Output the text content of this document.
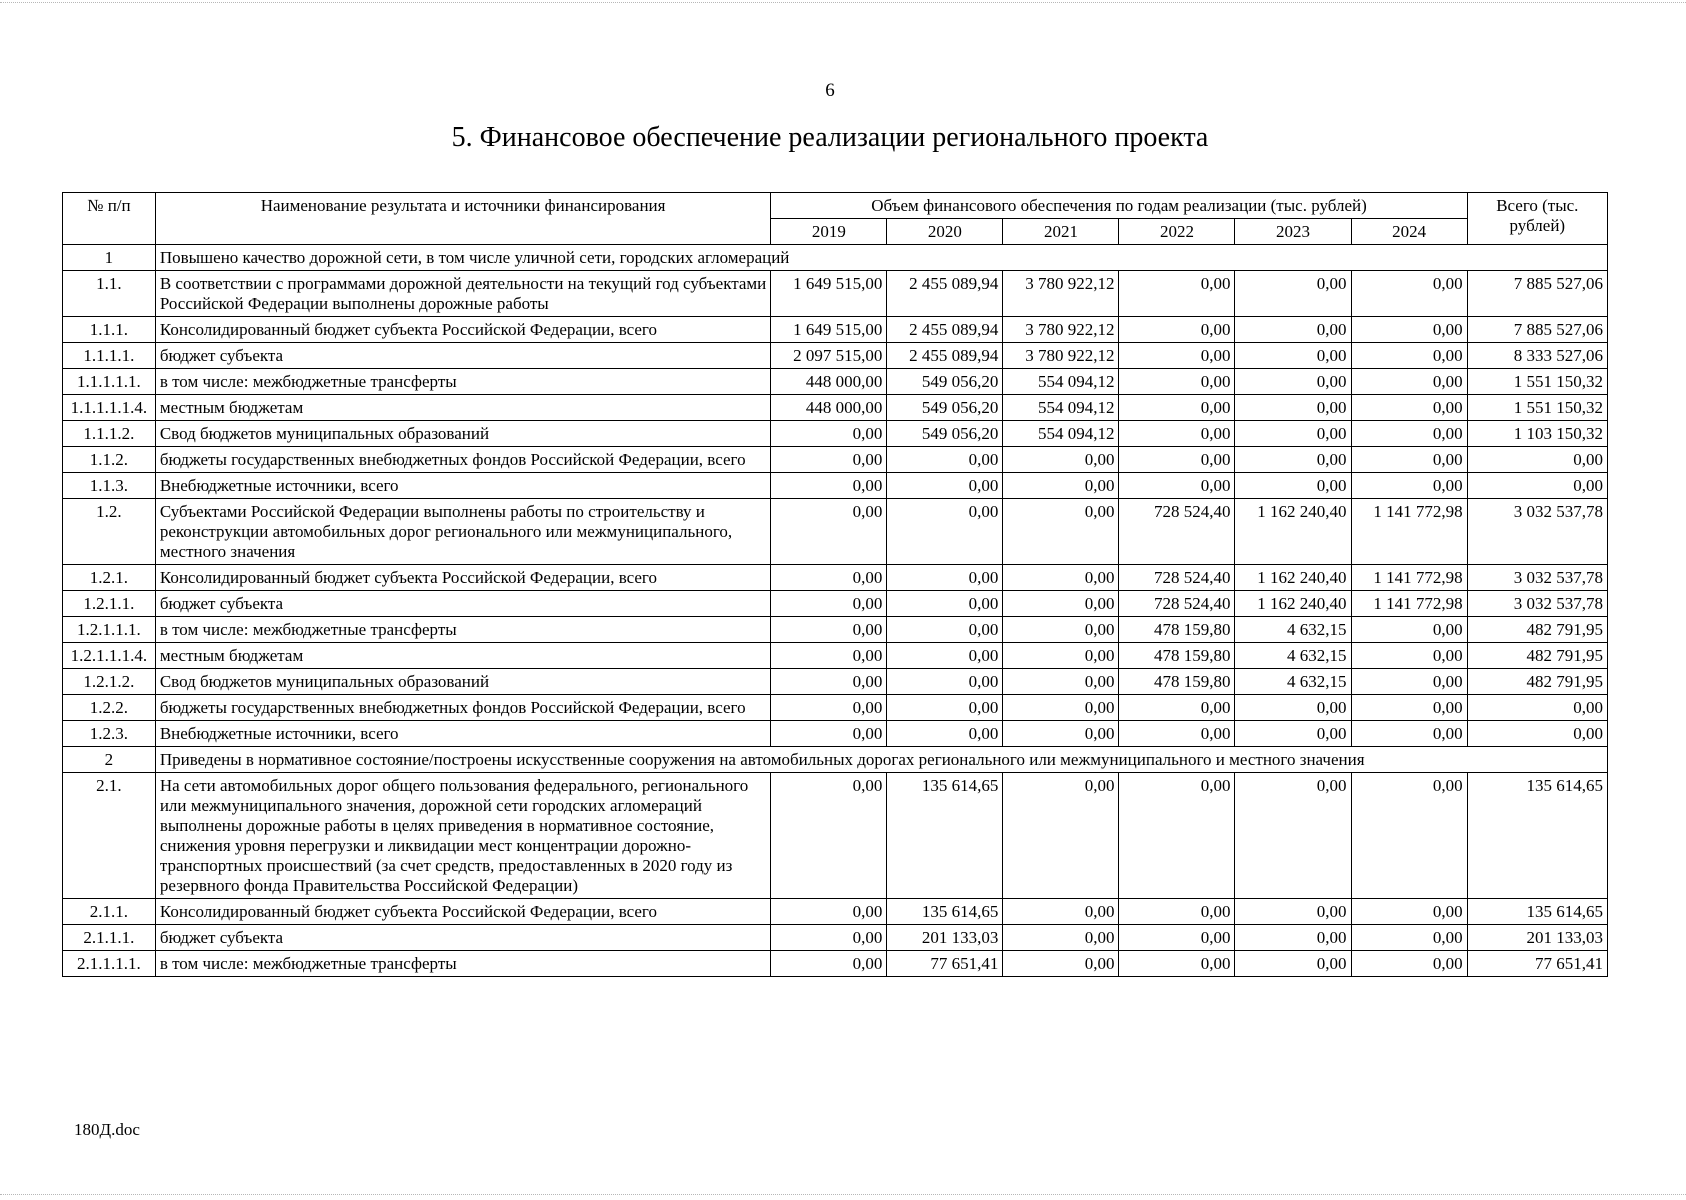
6
5. Финансовое обеспечение реализации регионального проекта
№ п/п	Наименование результата и источники финансирования	Объем финансового обеспечения по годам реализации (тыс. рублей)						Всего (тыс. рублей)
		2019	2020	2021	2022	2023	2024	
1	Повышено качество дорожной сети, в том числе уличной сети, городских агломераций							
1.1.	В соответствии с программами дорожной деятельности на текущий год субъектами Российской Федерации выполнены дорожные работы	1 649 515,00	2 455 089,94	3 780 922,12	0,00	0,00	0,00	7 885 527,06
1.1.1.	Консолидированный бюджет субъекта Российской Федерации, всего	1 649 515,00	2 455 089,94	3 780 922,12	0,00	0,00	0,00	7 885 527,06
1.1.1.1.	бюджет субъекта	2 097 515,00	2 455 089,94	3 780 922,12	0,00	0,00	0,00	8 333 527,06
1.1.1.1.1.	в том числе: межбюджетные трансферты	448 000,00	549 056,20	554 094,12	0,00	0,00	0,00	1 551 150,32
1.1.1.1.1.4.	местным бюджетам	448 000,00	549 056,20	554 094,12	0,00	0,00	0,00	1 551 150,32
1.1.1.2.	Свод бюджетов муниципальных образований	0,00	549 056,20	554 094,12	0,00	0,00	0,00	1 103 150,32
1.1.2.	бюджеты государственных внебюджетных фондов Российской Федерации, всего	0,00	0,00	0,00	0,00	0,00	0,00	0,00
1.1.3.	Внебюджетные источники, всего	0,00	0,00	0,00	0,00	0,00	0,00	0,00
1.2.	Субъектами Российской Федерации выполнены работы по строительству и реконструкции автомобильных дорог регионального или межмуниципального, местного значения	0,00	0,00	0,00	728 524,40	1 162 240,40	1 141 772,98	3 032 537,78
1.2.1.	Консолидированный бюджет субъекта Российской Федерации, всего	0,00	0,00	0,00	728 524,40	1 162 240,40	1 141 772,98	3 032 537,78
1.2.1.1.	бюджет субъекта	0,00	0,00	0,00	728 524,40	1 162 240,40	1 141 772,98	3 032 537,78
1.2.1.1.1.	в том числе: межбюджетные трансферты	0,00	0,00	0,00	478 159,80	4 632,15	0,00	482 791,95
1.2.1.1.1.4.	местным бюджетам	0,00	0,00	0,00	478 159,80	4 632,15	0,00	482 791,95
1.2.1.2.	Свод бюджетов муниципальных образований	0,00	0,00	0,00	478 159,80	4 632,15	0,00	482 791,95
1.2.2.	бюджеты государственных внебюджетных фондов Российской Федерации, всего	0,00	0,00	0,00	0,00	0,00	0,00	0,00
1.2.3.	Внебюджетные источники, всего	0,00	0,00	0,00	0,00	0,00	0,00	0,00
2	Приведены в нормативное состояние/построены искусственные сооружения на автомобильных дорогах регионального или межмуниципального и местного значения							
2.1.	На сети автомобильных дорог общего пользования федерального, регионального или межмуниципального значения, дорожной сети городских агломераций выполнены дорожные работы в целях приведения в нормативное состояние, снижения уровня перегрузки и ликвидации мест концентрации дорожно-транспортных происшествий (за счет средств, предоставленных в 2020 году из резервного фонда Правительства Российской Федерации)	0,00	135 614,65	0,00	0,00	0,00	0,00	135 614,65
2.1.1.	Консолидированный бюджет субъекта Российской Федерации, всего	0,00	135 614,65	0,00	0,00	0,00	0,00	135 614,65
2.1.1.1.	бюджет субъекта	0,00	201 133,03	0,00	0,00	0,00	0,00	201 133,03
2.1.1.1.1.	в том числе: межбюджетные трансферты	0,00	77 651,41	0,00	0,00	0,00	0,00	77 651,41
180Д.doc
